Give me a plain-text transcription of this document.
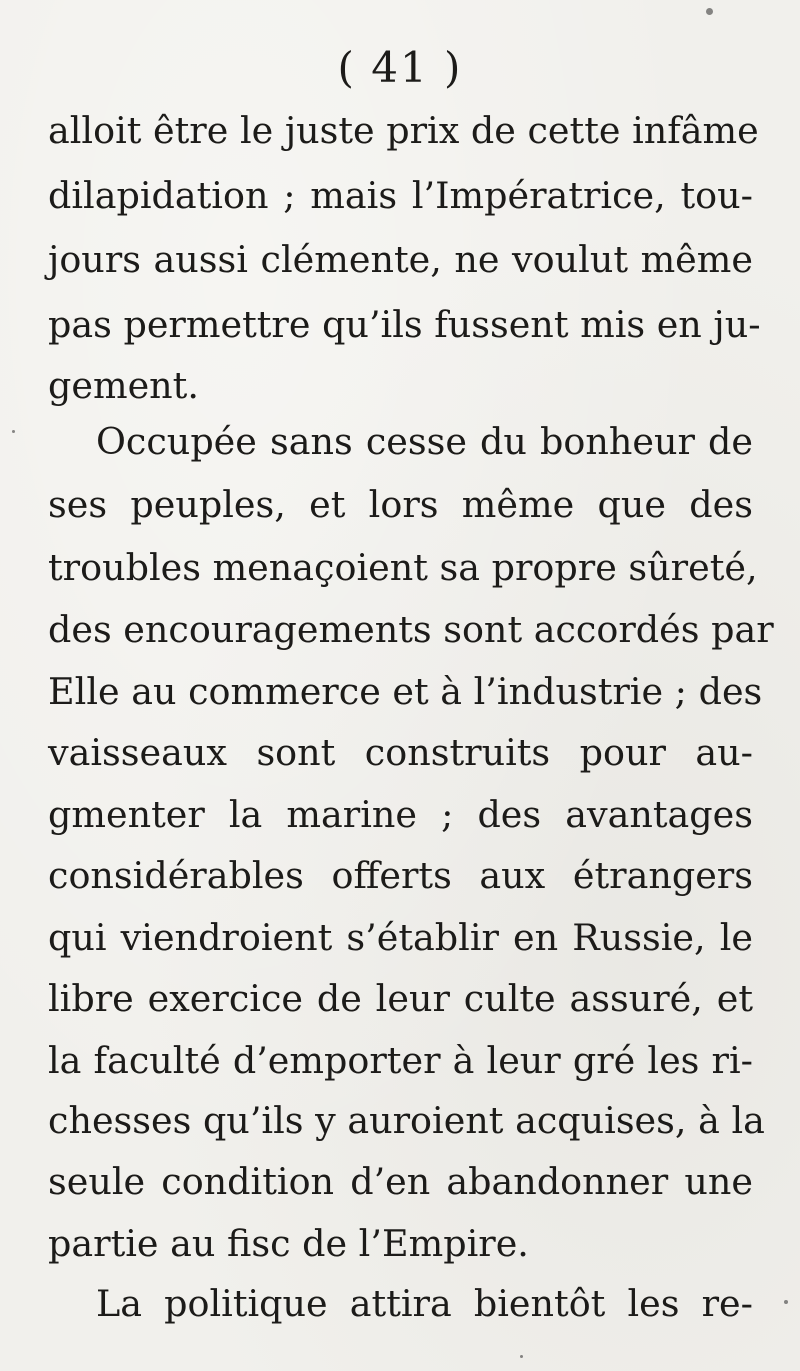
( 41 )
alloit être le juste prix de cette infâme
dilapidation ; mais l’Impératrice, tou-
jours aussi clémente, ne voulut même
pas permettre qu’ils fussent mis en ju-
gement.
Occupée sans cesse du bonheur de
ses peuples, et lors même que des
troubles menaçoient sa propre sûreté,
des encouragements sont accordés par
Elle au commerce et à l’industrie ; des
vaisseaux sont construits pour au-
gmenter la marine ; des avantages
considérables offerts aux étrangers
qui viendroient s’établir en Russie, le
libre exercice de leur culte assuré, et
la faculté d’emporter à leur gré les ri-
chesses qu’ils y auroient acquises, à la
seule condition d’en abandonner une
partie au fisc de l’Empire.
La politique attira bientôt les re-
